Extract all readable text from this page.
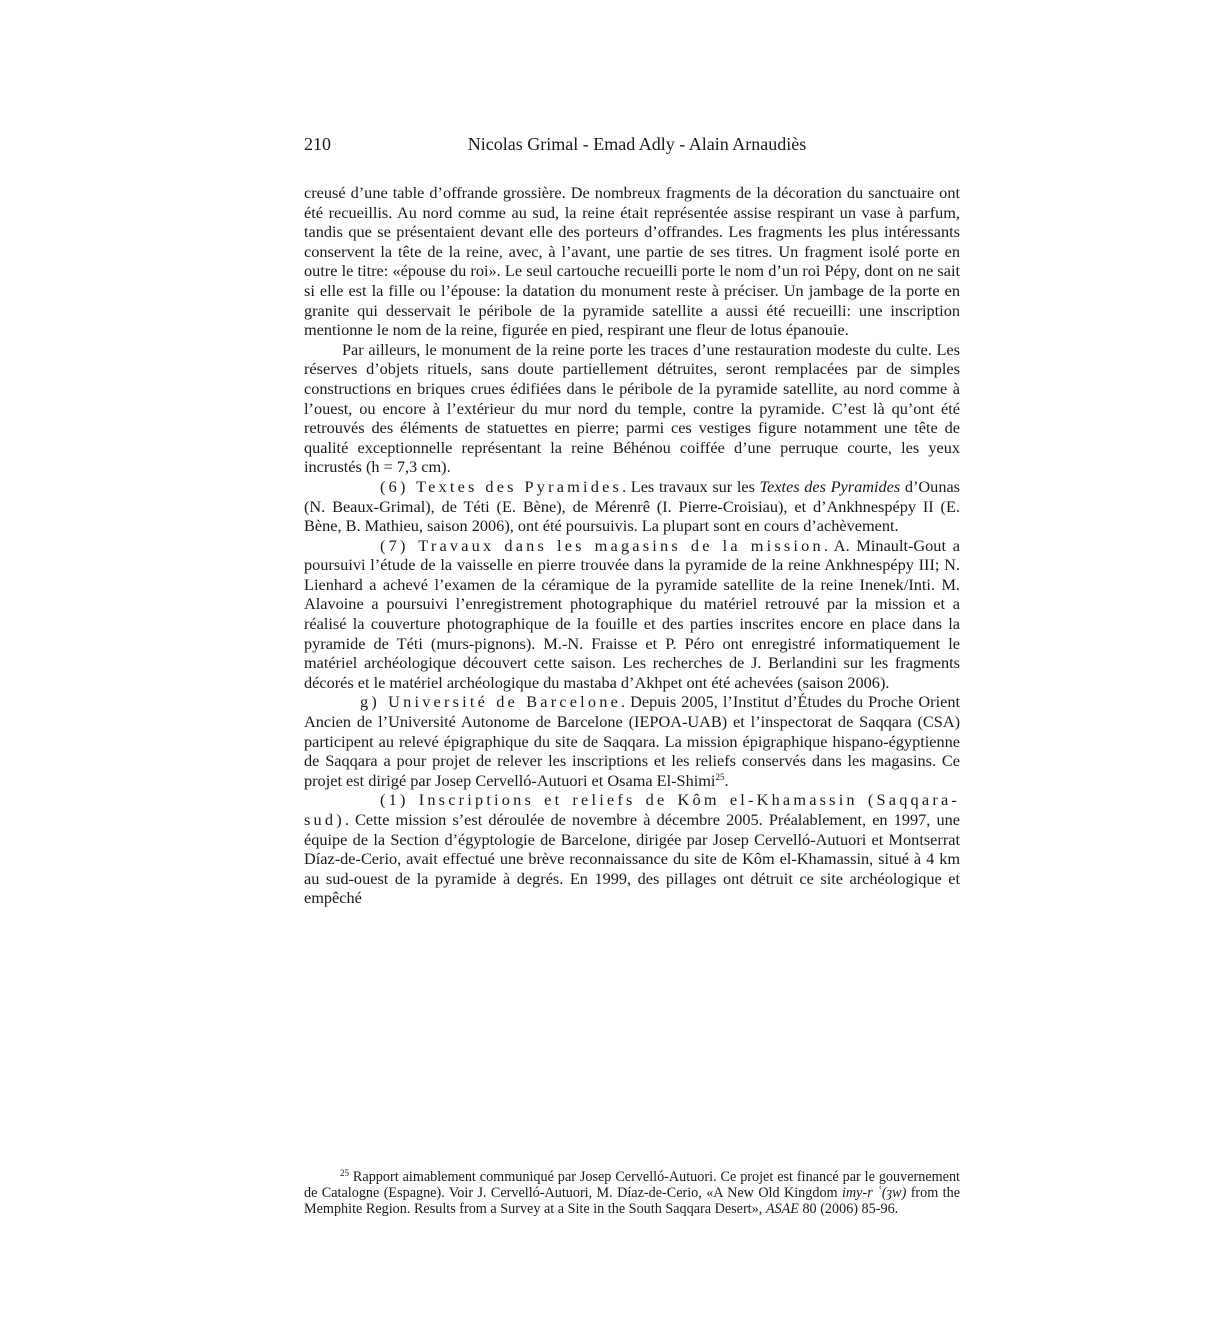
210	Nicolas Grimal - Emad Adly - Alain Arnaudiès

creusé d’une table d’offrande grossière. De nombreux fragments de la décoration du sanctuaire ont été recueillis. Au nord comme au sud, la reine était représentée assise respirant un vase à parfum, tandis que se présentaient devant elle des porteurs d’offrandes. Les fragments les plus intéressants conservent la tête de la reine, avec, à l’avant, une partie de ses titres. Un fragment isolé porte en outre le titre: «épouse du roi». Le seul cartouche recueilli porte le nom d’un roi Pépy, dont on ne sait si elle est la fille ou l’épouse: la datation du monument reste à préciser. Un jambage de la porte en granite qui desservait le péribole de la pyramide satellite a aussi été recueilli: une inscription mentionne le nom de la reine, figurée en pied, respirant une fleur de lotus épanouie.

Par ailleurs, le monument de la reine porte les traces d’une restauration modeste du culte. Les réserves d’objets rituels, sans doute partiellement détruites, seront remplacées par de simples constructions en briques crues édifiées dans le péribole de la pyramide satellite, au nord comme à l’ouest, ou encore à l’extérieur du mur nord du temple, contre la pyramide. C’est là qu’ont été retrouvés des éléments de statuettes en pierre; parmi ces vestiges figure notamment une tête de qualité exceptionnelle représentant la reine Béhénou coiffée d’une perruque courte, les yeux incrustés (h = 7,3 cm).

(6) Textes des Pyramides. Les travaux sur les Textes des Pyramides d’Ounas (N. Beaux-Grimal), de Téti (E. Bène), de Mérenrê (I. Pierre-Croisiau), et d’Ankhnespépy II (E. Bène, B. Mathieu, saison 2006), ont été poursuivis. La plupart sont en cours d’achèvement.

(7) Travaux dans les magasins de la mission. A. Minault-Gout a poursuivi l’étude de la vaisselle en pierre trouvée dans la pyramide de la reine Ankhnespépy III; N. Lienhard a achevé l’examen de la céramique de la pyramide satellite de la reine Inenek/Inti. M. Alavoine a poursuivi l’enregistrement photographique du matériel retrouvé par la mission et a réalisé la couverture photographique de la fouille et des parties inscrites encore en place dans la pyramide de Téti (murs-pignons). M.-N. Fraisse et P. Péro ont enregistré informatiquement le matériel archéologique découvert cette saison. Les recherches de J. Berlandini sur les fragments décorés et le matériel archéologique du mastaba d’Akhpet ont été achevées (saison 2006).

g) Université de Barcelone. Depuis 2005, l’Institut d’Études du Proche Orient Ancien de l’Université Autonome de Barcelone (IEPOA-UAB) et l’inspectorat de Saqqara (CSA) participent au relevé épigraphique du site de Saqqara. La mission épigraphique hispano-égyptienne de Saqqara a pour projet de relever les inscriptions et les reliefs conservés dans les magasins. Ce projet est dirigé par Josep Cervelló-Autuori et Osama El-Shimi$^{25}$.

(1) Inscriptions et reliefs de Kôm el-Khamassin (Saqqara-sud). Cette mission s’est déroulée de novembre à décembre 2005. Préalablement, en 1997, une équipe de la Section d’égyptologie de Barcelone, dirigée par Josep Cervelló-Autuori et Montserrat Díaz-de-Cerio, avait effectué une brève reconnaissance du site de Kôm el-Khamassin, situé à 4 km au sud-ouest de la pyramide à degrés. En 1999, des pillages ont détruit ce site archéologique et empêché

$^{25}$ Rapport aimablement communiqué par Josep Cervelló-Autuori. Ce projet est financé par le gouvernement de Catalogne (Espagne). Voir J. Cervelló-Autuori, M. Díaz-de-Cerio, «A New Old Kingdom imy-r ʿ(ȝw) from the Memphite Region. Results from a Survey at a Site in the South Saqqara Desert», ASAE 80 (2006) 85-96.
